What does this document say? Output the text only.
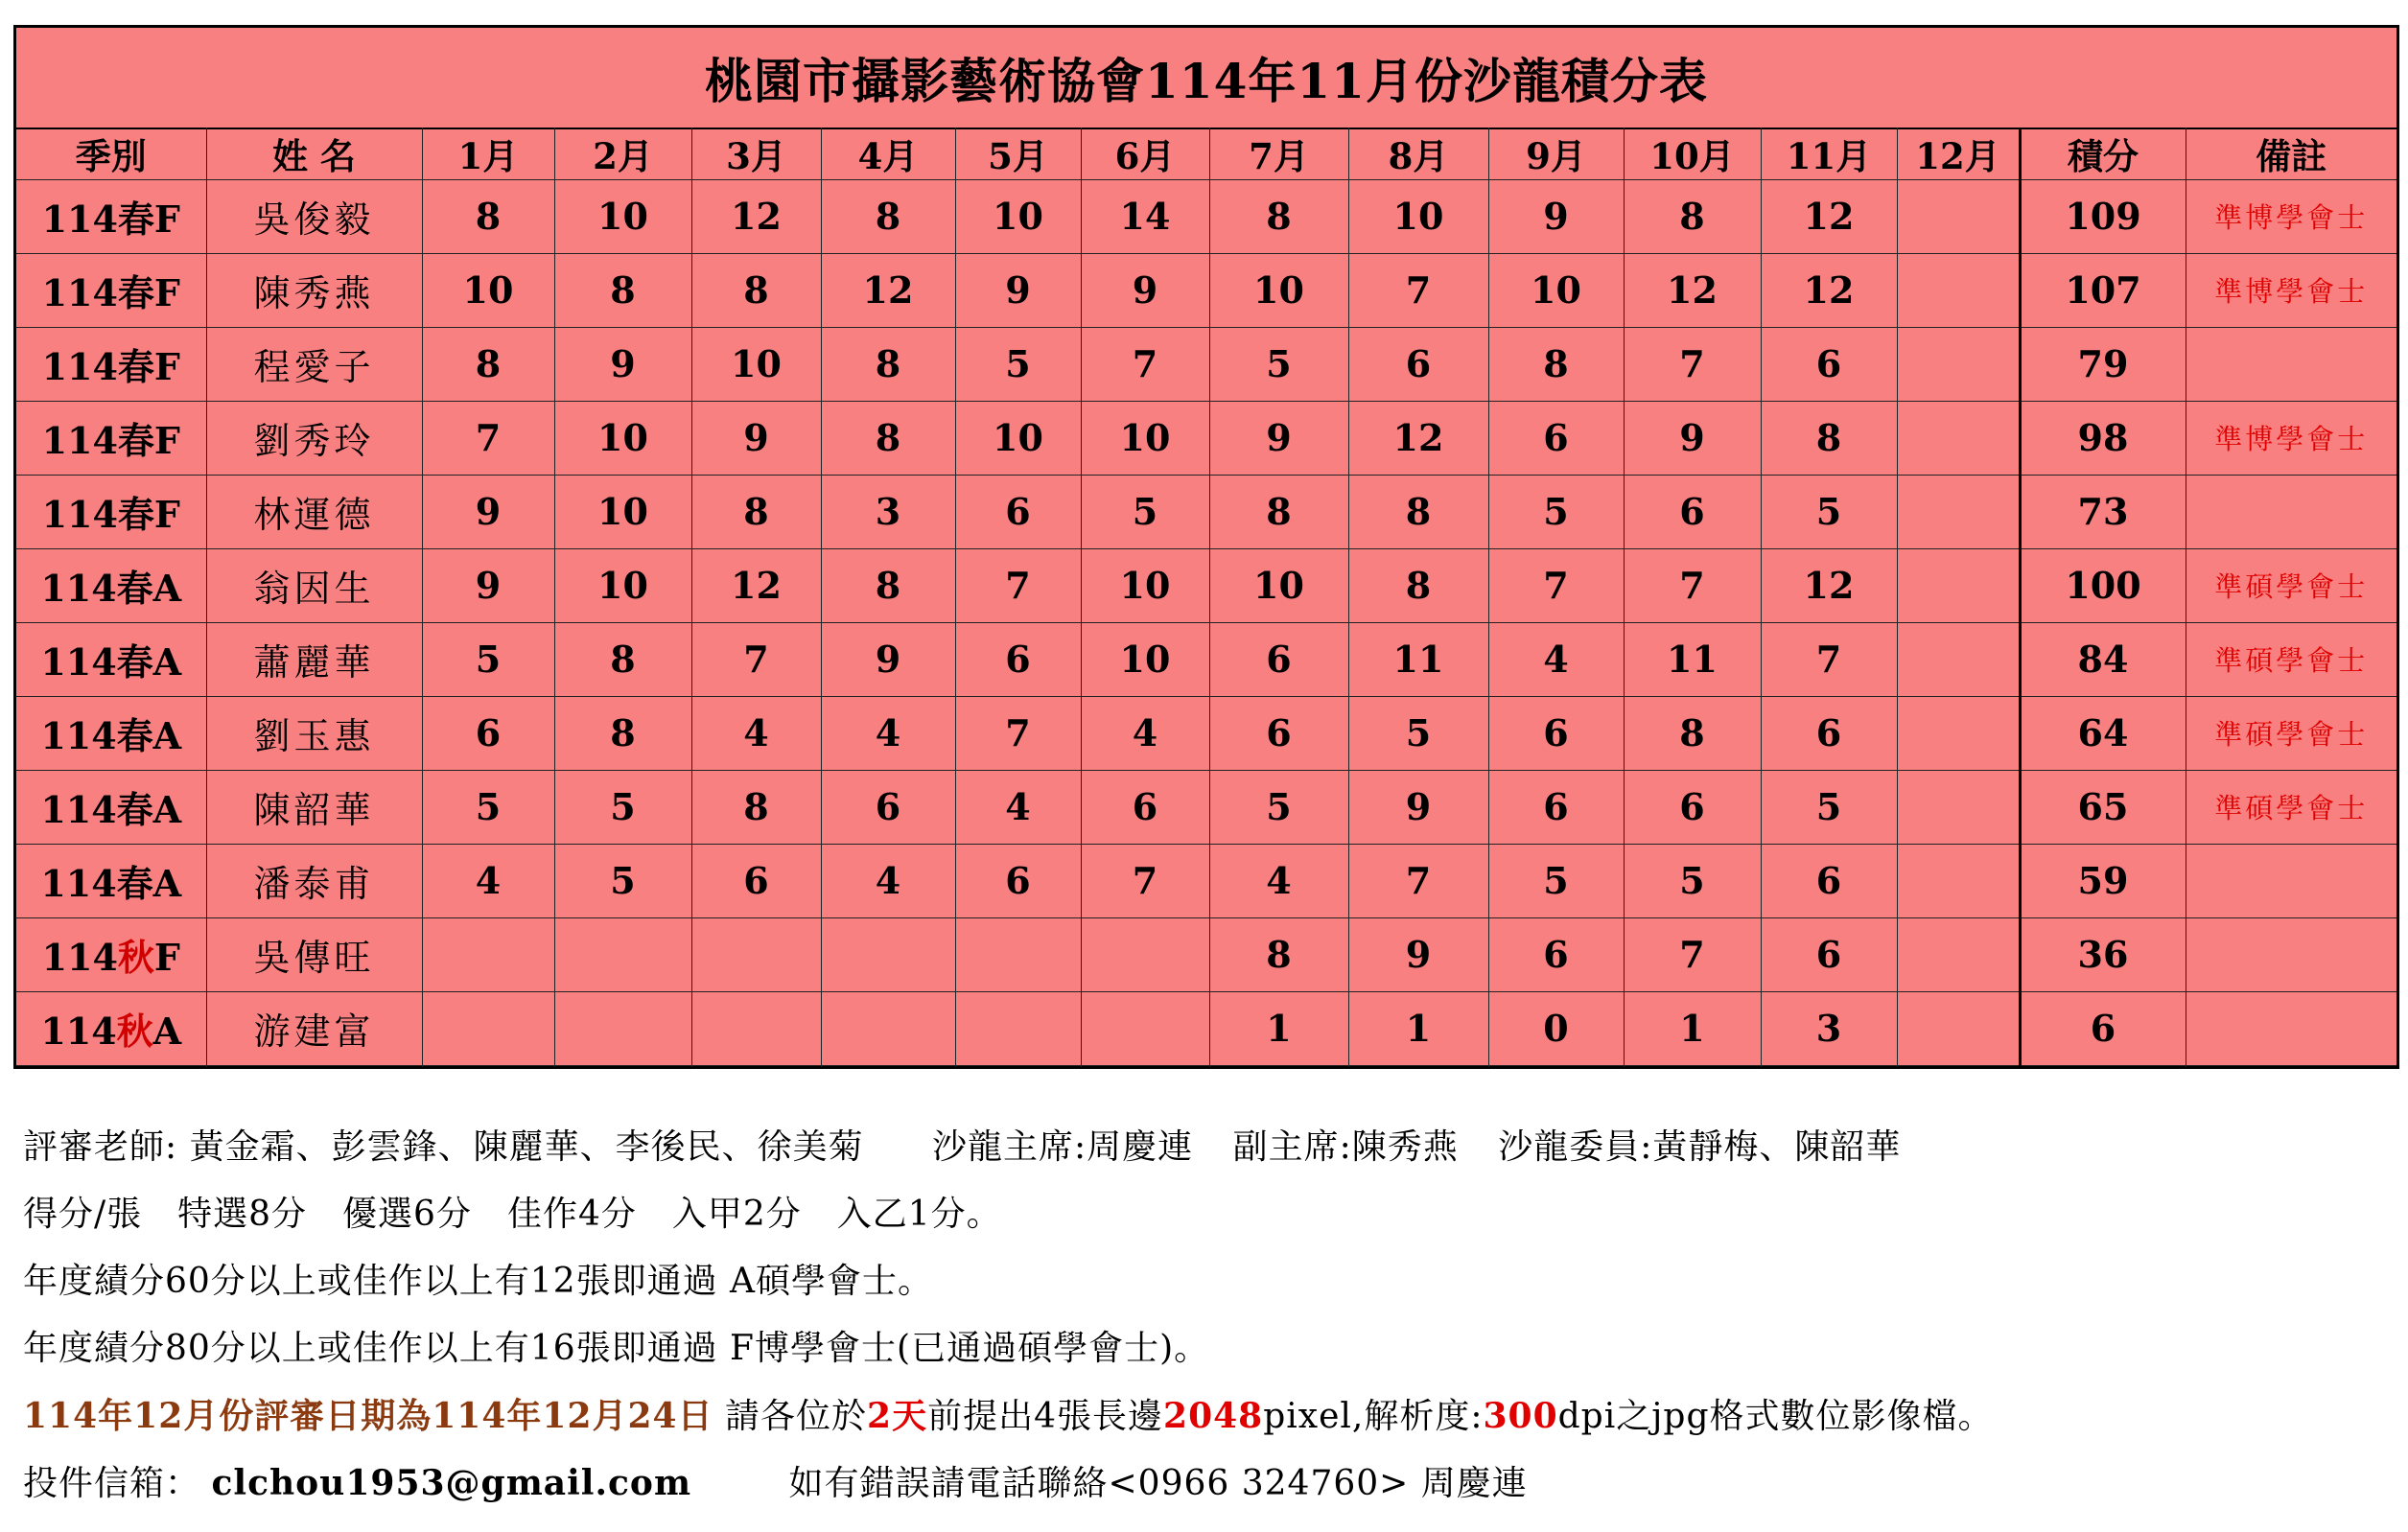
桃園市攝影藝術協會114年11月份沙龍積分表
季別	姓 名	1月	2月	3月	4月	5月	6月	7月	8月	9月	10月	11月	12月	積分	備註
114春F	吳俊毅	8	10	12	8	10	14	8	10	9	8	12		109	準博學會士
114春F	陳秀燕	10	8	8	12	9	9	10	7	10	12	12		107	準博學會士
114春F	程愛子	8	9	10	8	5	7	5	6	8	7	6		79	
114春F	劉秀玲	7	10	9	8	10	10	9	12	6	9	8		98	準博學會士
114春F	林運德	9	10	8	3	6	5	8	8	5	6	5		73	
114春A	翁因生	9	10	12	8	7	10	10	8	7	7	12		100	準碩學會士
114春A	蕭麗華	5	8	7	9	6	10	6	11	4	11	7		84	準碩學會士
114春A	劉玉惠	6	8	4	4	7	4	6	5	6	8	6		64	準碩學會士
114春A	陳韶華	5	5	8	6	4	6	5	9	6	6	5		65	準碩學會士
114春A	潘泰甫	4	5	6	4	6	7	4	7	5	5	6		59	
114秋F	吳傳旺							8	9	6	7	6		36	
114秋A	游建富							1	1	0	1	3		6	

評審老師: 黃金霜、彭雲鋒、陳麗華、李後民、徐美菊 沙龍主席:周慶連 副主席:陳秀燕 沙龍委員:黃靜梅、陳韶華
得分/張　特選8分　優選6分　佳作4分　入甲2分　入乙1分。
年度績分60分以上或佳作以上有12張即通過 A碩學會士。
年度績分80分以上或佳作以上有16張即通過 F博學會士(已通過碩學會士)。
114年12月份評審日期為114年12月24日 請各位於2天前提出4張長邊2048pixel,解析度:300dpi之jpg格式數位影像檔。
投件信箱： clchou1953@gmail.com	如有錯誤請電話聯絡<0966 324760> 周慶連
